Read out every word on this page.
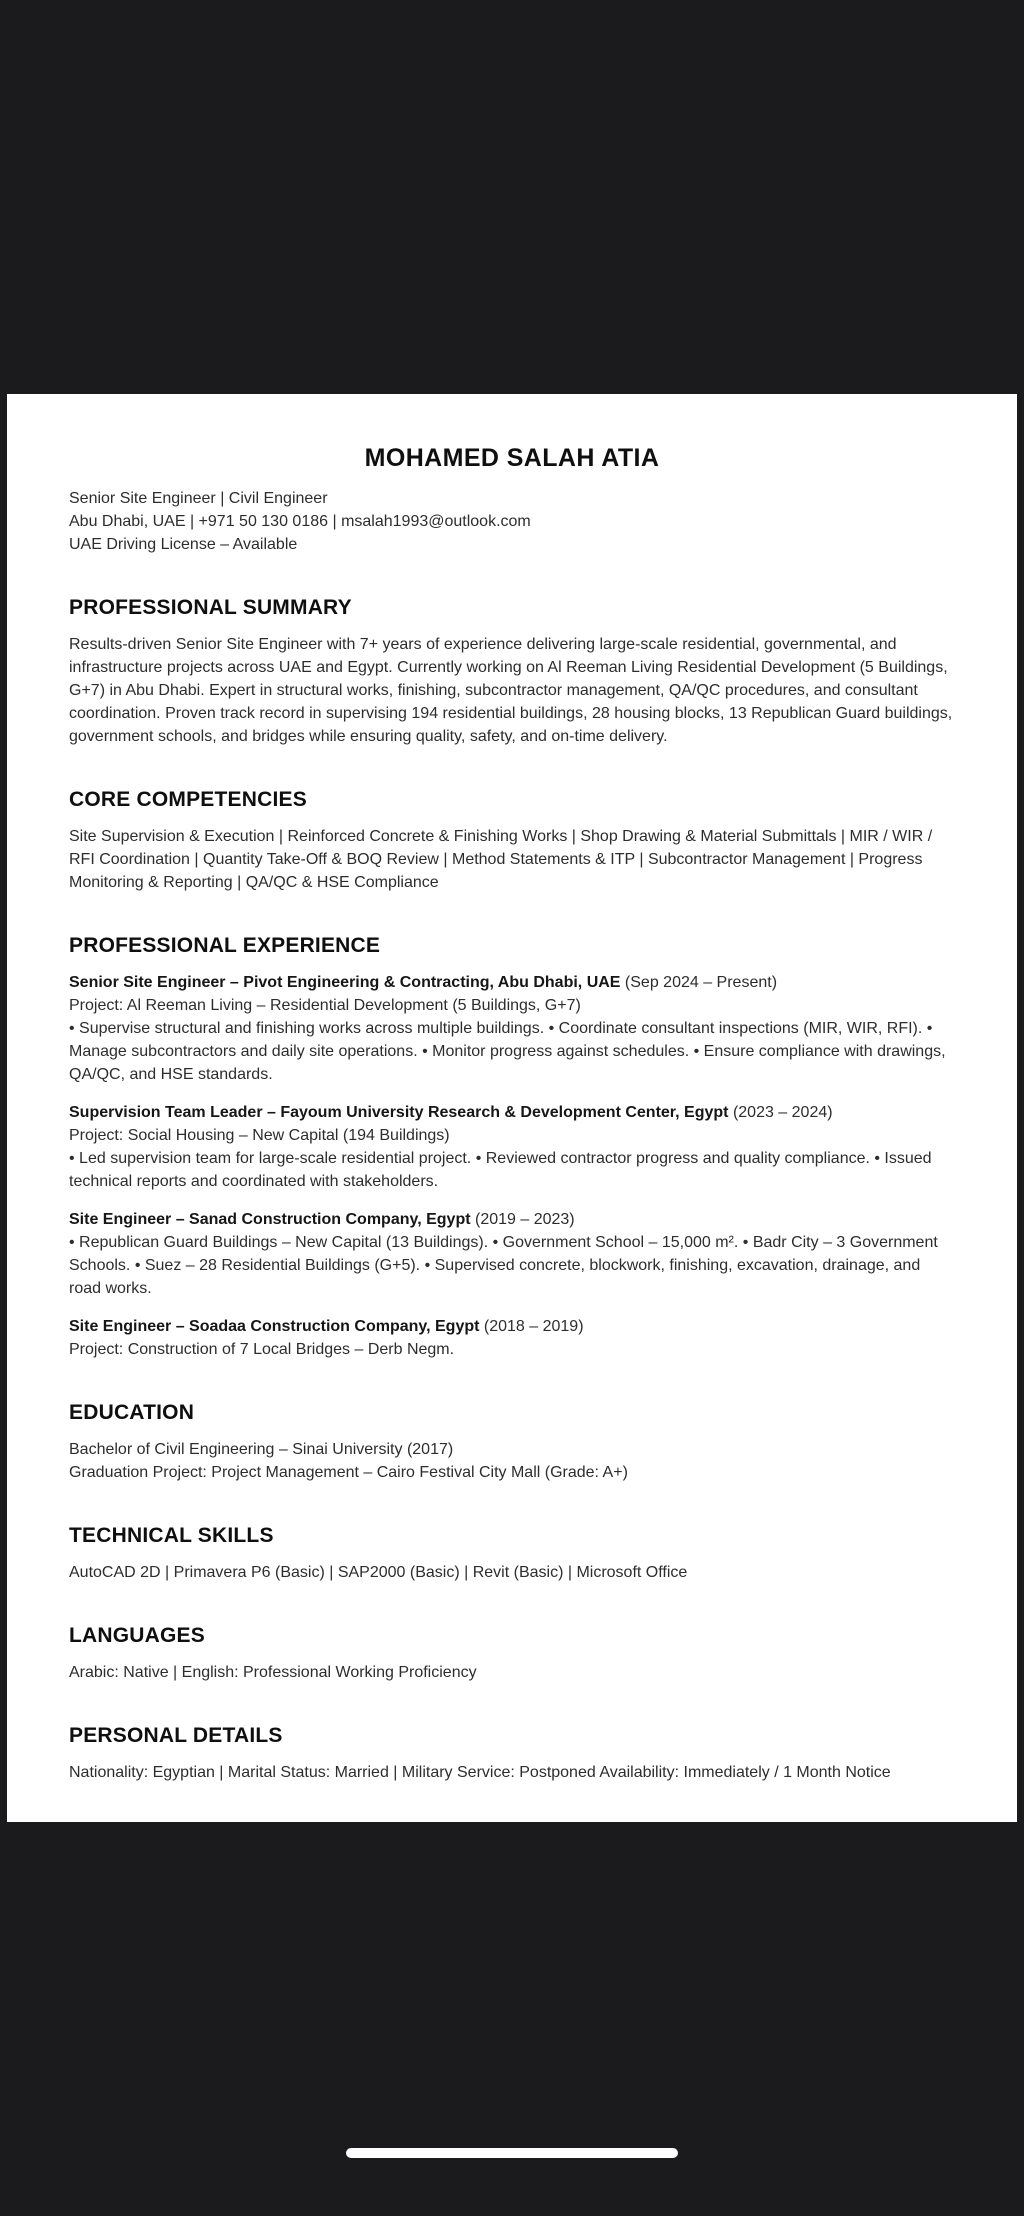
MOHAMED SALAH ATIA

Senior Site Engineer | Civil Engineer

Abu Dhabi, UAE | +971 50 130 0186 | msalah1993@outlook.com

UAE Driving License – Available

PROFESSIONAL SUMMARY

Results-driven Senior Site Engineer with 7+ years of experience delivering large-scale residential, governmental, and infrastructure projects across UAE and Egypt. Currently working on Al Reeman Living Residential Development (5 Buildings, G+7) in Abu Dhabi. Expert in structural works, finishing, subcontractor management, QA/QC procedures, and consultant coordination. Proven track record in supervising 194 residential buildings, 28 housing blocks, 13 Republican Guard buildings, government schools, and bridges while ensuring quality, safety, and on-time delivery.

CORE COMPETENCIES

Site Supervision & Execution | Reinforced Concrete & Finishing Works | Shop Drawing & Material Submittals | MIR / WIR / RFI Coordination | Quantity Take-Off & BOQ Review | Method Statements & ITP | Subcontractor Management | Progress Monitoring & Reporting | QA/QC & HSE Compliance

PROFESSIONAL EXPERIENCE

Senior Site Engineer – Pivot Engineering & Contracting, Abu Dhabi, UAE (Sep 2024 – Present)

Project: Al Reeman Living – Residential Development (5 Buildings, G+7)

• Supervise structural and finishing works across multiple buildings. • Coordinate consultant inspections (MIR, WIR, RFI). • Manage subcontractors and daily site operations. • Monitor progress against schedules. • Ensure compliance with drawings, QA/QC, and HSE standards.

Supervision Team Leader – Fayoum University Research & Development Center, Egypt (2023 – 2024)

Project: Social Housing – New Capital (194 Buildings)

• Led supervision team for large-scale residential project. • Reviewed contractor progress and quality compliance. • Issued technical reports and coordinated with stakeholders.

Site Engineer – Sanad Construction Company, Egypt (2019 – 2023)

• Republican Guard Buildings – New Capital (13 Buildings). • Government School – 15,000 m². • Badr City – 3 Government Schools. • Suez – 28 Residential Buildings (G+5). • Supervised concrete, blockwork, finishing, excavation, drainage, and road works.

Site Engineer – Soadaa Construction Company, Egypt (2018 – 2019)

Project: Construction of 7 Local Bridges – Derb Negm.

EDUCATION

Bachelor of Civil Engineering – Sinai University (2017)

Graduation Project: Project Management – Cairo Festival City Mall (Grade: A+)

TECHNICAL SKILLS

AutoCAD 2D | Primavera P6 (Basic) | SAP2000 (Basic) | Revit (Basic) | Microsoft Office

LANGUAGES

Arabic: Native | English: Professional Working Proficiency

PERSONAL DETAILS

Nationality: Egyptian | Marital Status: Married | Military Service: Postponed Availability: Immediately / 1 Month Notice
